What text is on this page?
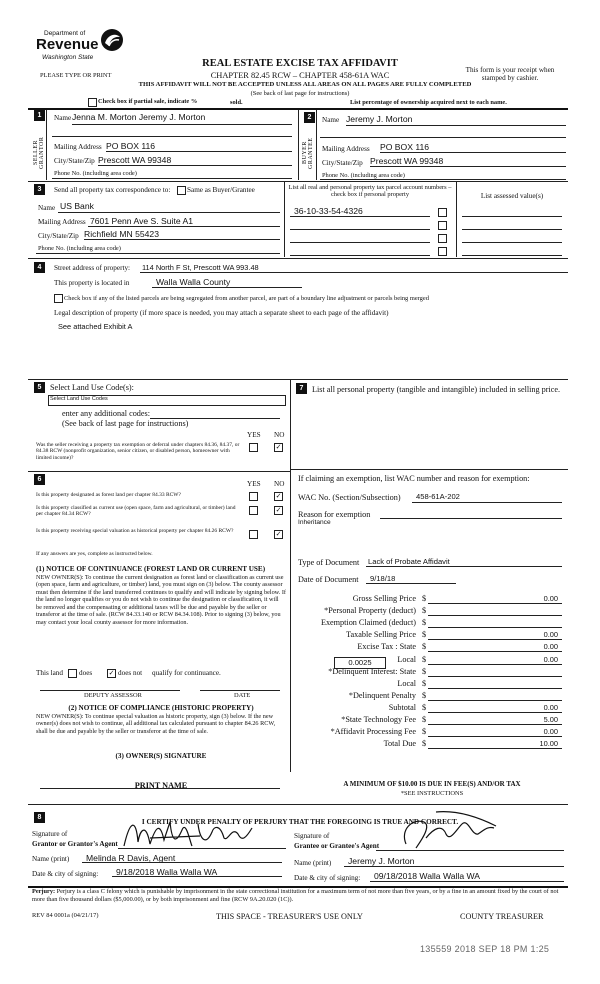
Department of
Revenue
Washington State
PLEASE TYPE OR PRINT
REAL ESTATE EXCISE TAX AFFIDAVIT
CHAPTER 82.45 RCW – CHAPTER 458-61A WAC
This form is your receipt when stamped by cashier.
THIS AFFIDAVIT WILL NOT BE ACCEPTED UNLESS ALL AREAS ON ALL PAGES ARE FULLY COMPLETED
(See back of last page for instructions)
Check box if partial sale, indicate %	sold.	List percentage of ownership acquired next to each name.
1
SELLER GRANTOR
Name Jenna M. Morton Jeremy J. Morton
Mailing Address PO BOX 116
City/State/Zip Prescott WA 99348
Phone No. (including area code)
2
BUYER GRANTEE
Name Jeremy J. Morton
Mailing Address PO BOX 116
City/State/Zip Prescott WA 99348
Phone No. (including area code)
3	Send all property tax correspondence to: Same as Buyer/Grantee
Name US Bank
Mailing Address 7601 Penn Ave S. Suite A1
City/State/Zip Richfield MN 55423
Phone No. (including area code)
List all real and personal property tax parcel account numbers – check box if personal property	List assessed value(s)
36-10-33-54-4326
4	Street address of property: 114 North F St, Prescott WA 993.48
This property is located in	Walla Walla County
Check box if any of the listed parcels are being segregated from another parcel, are part of a boundary line adjustment or parcels being merged
Legal description of property (if more space is needed, you may attach a separate sheet to each page of the affidavit)
See attached Exhibit A
5	Select Land Use Code(s):
Select Land Use Codes
enter any additional codes:
(See back of last page for instructions)
YES NO
Was the seller receiving a property tax exemption or deferral under chapters 84.36, 84.37, or 84.38 RCW (nonprofit organization, senior citizen, or disabled person, homeowner with limited income)?
✓
7	List all personal property (tangible and intangible) included in selling price.
If claiming an exemption, list WAC number and reason for exemption:
WAC No. (Section/Subsection) 458-61A-202
Reason for exemption
Inheritance
Type of Document Lack of Probate Affidavit
Date of Document 9/18/18
Gross Selling Price $	0.00
*Personal Property (deduct) $
Exemption Claimed (deduct) $
Taxable Selling Price $	0.00
Excise Tax : State $	0.00
Local $	0.00
*Delinquent Interest: State $
Local $
*Delinquent Penalty $
Subtotal $	0.00
*State Technology Fee $	5.00
*Affidavit Processing Fee $	0.00
Total Due $	10.00
0.0025
A MINIMUM OF $10.00 IS DUE IN FEE(S) AND/OR TAX
*SEE INSTRUCTIONS
6
YES NO
Is this property designated as forest land per chapter 84.33 RCW?	✓
Is this property classified as current use (open space, farm and agricultural, or timber) land per chapter 84.34 RCW?
✓
Is this property receiving special valuation as historical property per chapter 84.26 RCW?	✓
If any answers are yes, complete as instructed below.
(1) NOTICE OF CONTINUANCE (FOREST LAND OR CURRENT USE)
NEW OWNER(S): To continue the current designation as forest land or classification as current use (open space, farm and agriculture, or timber) land, you must sign on (3) below. The county assessor must then determine if the land transferred continues to qualify and will indicate by signing below. If the land no longer qualifies or you do not wish to continue the designation or classification, it will be removed and the compensating or additional taxes will be due and payable by the seller or transferor at the time of sale. (RCW 84.33.140 or RCW 84.34.108). Prior to signing (3) below, you may contact your local county assessor for more information.
This land does ✓ does not qualify for continuance.
DEPUTY ASSESSOR	DATE
(2) NOTICE OF COMPLIANCE (HISTORIC PROPERTY)
NEW OWNER(S): To continue special valuation as historic property, sign (3) below. If the new owner(s) does not wish to continue, all additional tax calculated pursuant to chapter 84.26 RCW, shall be due and payable by the seller or transferor at the time of sale.
(3) OWNER(S) SIGNATURE
PRINT NAME
8
I CERTIFY UNDER PENALTY OF PERJURY THAT THE FOREGOING IS TRUE AND CORRECT.
Signature of
Grantor or Grantor's Agent
Signature of
Grantee or Grantee's Agent
Name (print) Melinda R Davis, Agent	Name (print) Jeremy J. Morton
Date & city of signing: 9/18/2018 Walla Walla WA
Date & city of signing: 09/18/2018 Walla Walla WA
Perjury: Perjury is a class C felony which is punishable by imprisonment in the state correctional institution for a maximum term of not more than five years, or by a fine in an amount fixed by the court of not more than five thousand dollars ($5,000.00), or by both imprisonment and fine (RCW 9A.20.020 (1C)).
REV 84 0001a (04/21/17)	THIS SPACE - TREASURER'S USE ONLY	COUNTY TREASURER
135559 2018 SEP 18 PM 1:25
